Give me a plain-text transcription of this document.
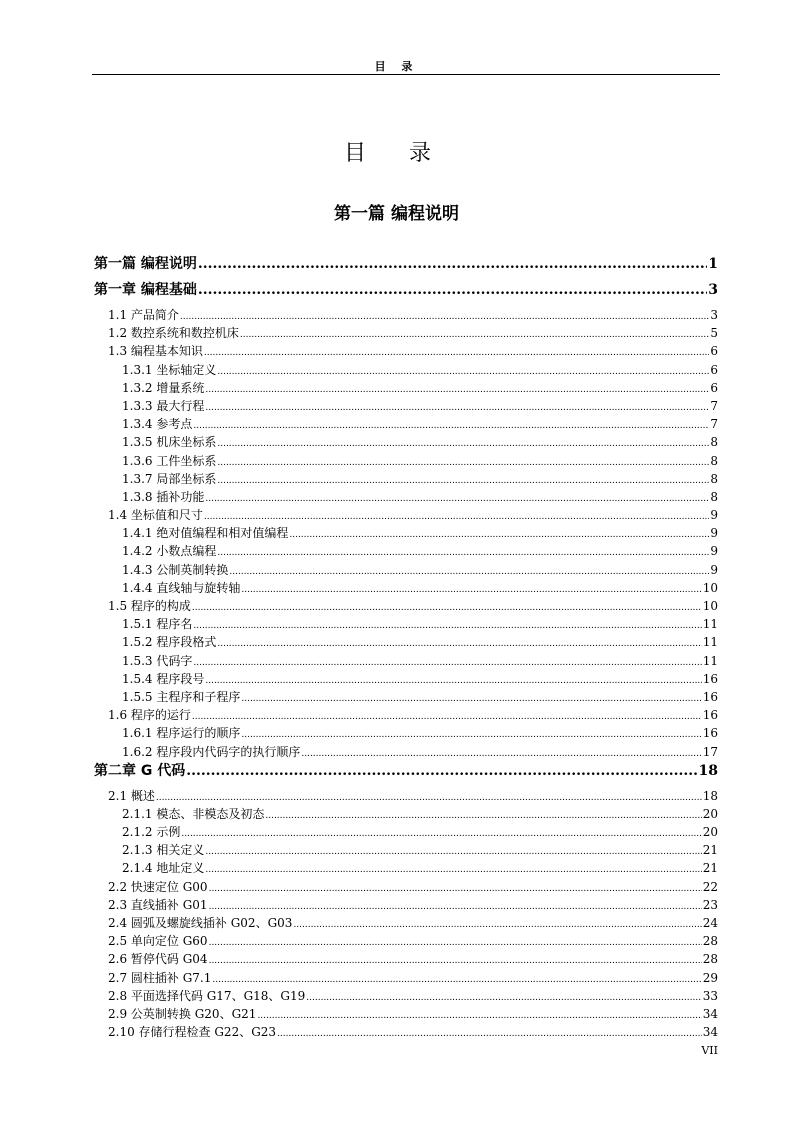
目 录
目 录
第一篇 编程说明
第一篇 编程说明 .....	1
第一章 编程基础 .....	3
1.1 产品简介 .....	3
1.2 数控系统和数控机床 .....	5
1.3 编程基本知识 .....	6
1.3.1 坐标轴定义 .....	6
1.3.2 增量系统 .....	6
1.3.3 最大行程 .....	7
1.3.4 参考点 .....	7
1.3.5 机床坐标系 .....	8
1.3.6 工件坐标系 .....	8
1.3.7 局部坐标系 .....	8
1.3.8 插补功能 .....	8
1.4 坐标值和尺寸 .....	9
1.4.1 绝对值编程和相对值编程 .....	9
1.4.2 小数点编程 .....	9
1.4.3 公制英制转换 .....	9
1.4.4 直线轴与旋转轴 .....	10
1.5 程序的构成 .....	10
1.5.1 程序名 .....	11
1.5.2 程序段格式 .....	11
1.5.3 代码字 .....	11
1.5.4 程序段号 .....	16
1.5.5 主程序和子程序 .....	16
1.6 程序的运行 .....	16
1.6.1 程序运行的顺序 .....	16
1.6.2 程序段内代码字的执行顺序 .....	17
第二章 G 代码 .....	18
2.1 概述 .....	18
2.1.1 模态、非模态及初态 .....	20
2.1.2 示例 .....	20
2.1.3 相关定义 .....	21
2.1.4 地址定义 .....	21
2.2 快速定位 G00 .....	22
2.3 直线插补 G01 .....	23
2.4 圆弧及螺旋线插补 G02、G03 .....	24
2.5 单向定位 G60 .....	28
2.6 暂停代码 G04 .....	28
2.7 圆柱插补 G7.1 .....	29
2.8 平面选择代码 G17、G18、G19 .....	33
2.9 公英制转换 G20、G21 .....	34
2.10 存储行程检查 G22、G23 .....	34
VII
